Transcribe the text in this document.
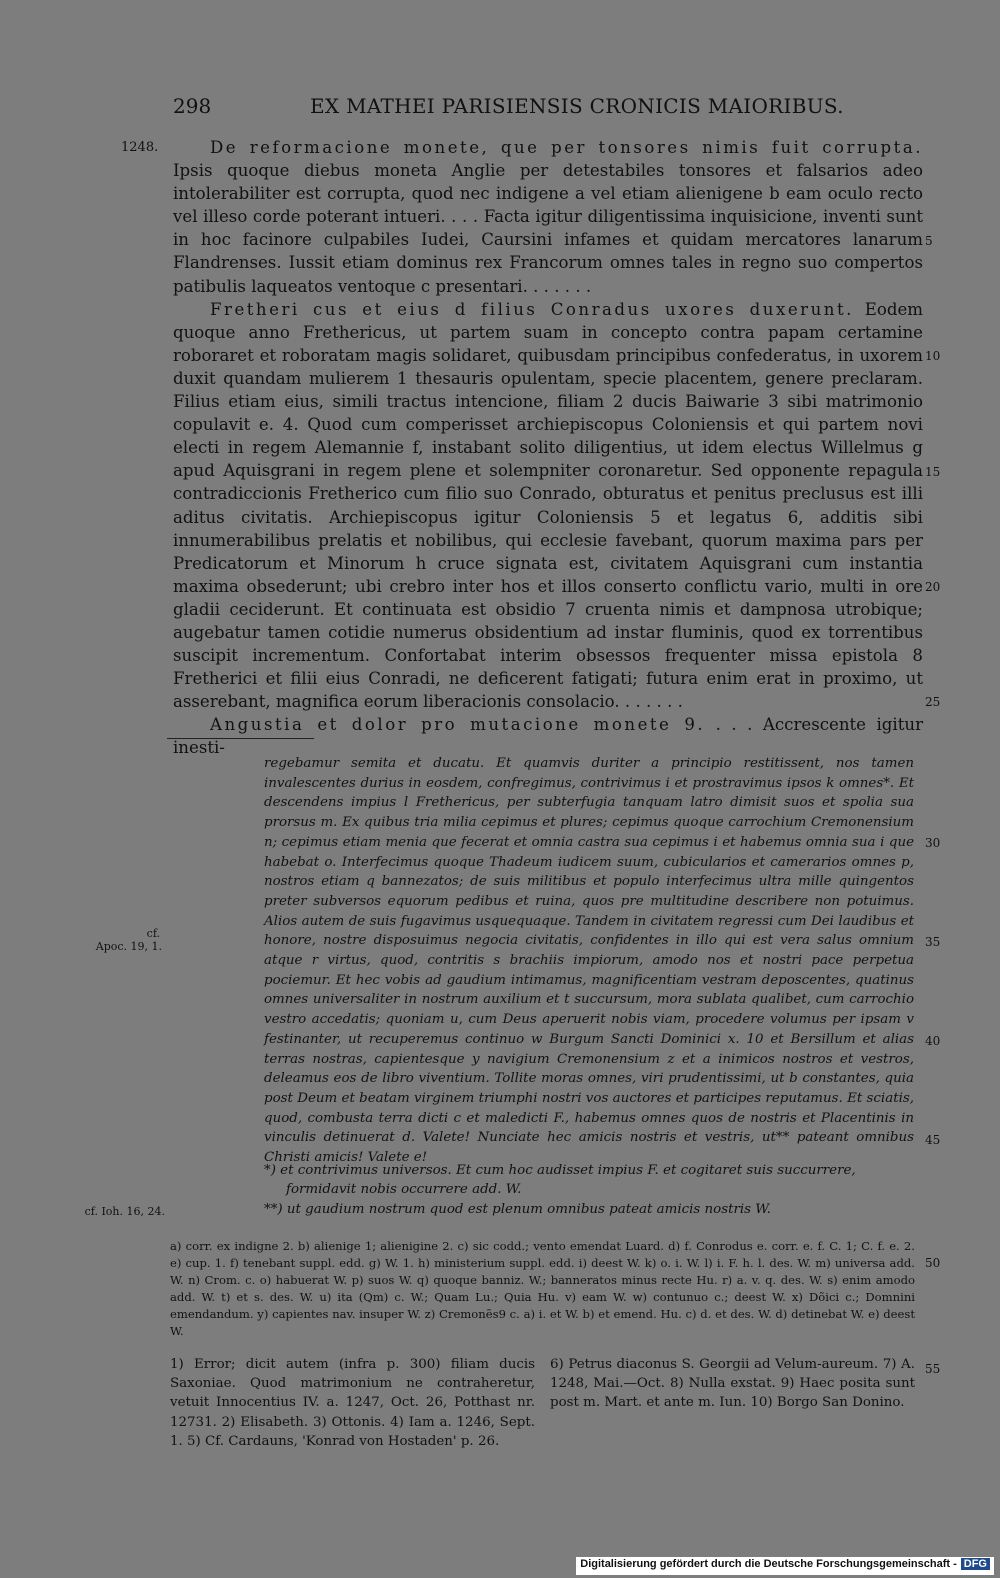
298	EX MATHEI PARISIENSIS CRONICIS MAIORIBUS.
1248.	De reformacione monete, que per tonsores nimis fuit corrupta. Ipsis quoque diebus moneta Anglie per detestabiles tonsores et falsarios adeo intolerabiliter est corrupta, quod nec indigene a vel etiam alienigene b eam oculo recto vel illeso corde poterant intueri. . . . Facta igitur diligentissima inquisicione, inventi sunt in hoc facinore culpabiles Iudei, Caursini infames et quidam mercatores lanarum Flandrenses. Iussit etiam dominus rex Francorum omnes tales in regno suo compertos patibulis laqueatos ventoque c presentari. . . . . . .

Fretheri cus et eius d filius Conradus uxores duxerunt. Eodem quoque anno Frethericus, ut partem suam in concepto contra papam certamine roboraret et roboratam magis solidaret, quibusdam principibus confederatus, in uxorem duxit quandam mulierem 1 thesauris opulentam, specie placentem, genere preclaram. Filius etiam eius, simili tractus intencione, filiam 2 ducis Baiwarie 3 sibi matrimonio copulavit e. 4. Quod cum comperisset archiepiscopus Coloniensis et qui partem novi electi in regem Alemannie f, instabant solito diligentius, ut idem electus Willelmus g apud Aquisgrani in regem plene et solempniter coronaretur. Sed opponente repagula contradiccionis Fretherico cum filio suo Conrado, obturatus et penitus preclusus est illi aditus civitatis. Archiepiscopus igitur Coloniensis 5 et legatus 6, additis sibi innumerabilibus prelatis et nobilibus, qui ecclesie favebant, quorum maxima pars per Predicatorum et Minorum h cruce signata est, civitatem Aquisgrani cum instantia maxima obsederunt; ubi crebro inter hos et illos conserto conflictu vario, multi in ore gladii ceciderunt. Et continuata est obsidio 7 cruenta nimis et dampnosa utrobique; augebatur tamen cotidie numerus obsidentium ad instar fluminis, quod ex torrentibus suscipit incrementum. Confortabat interim obsessos frequenter missa epistola 8 Fretherici et filii eius Conradi, ne deficerent fatigati; futura enim erat in proximo, ut asserebant, magnifica eorum liberacionis consolacio. . . . . . .

Angustia et dolor pro mutacione monete 9. . . . Accrescente igitur inesti-

5
10
15
20
25
30
35
40
45
50
55
regebamur semita et ducatu. Et quamvis duriter a principio restitissent, nos tamen invalescentes durius in eosdem, confregimus, contrivimus i et prostravimus ipsos k omnes*. Et descendens impius l Frethericus, per subterfugia tanquam latro dimisit suos et spolia sua prorsus m. Ex quibus tria milia cepimus et plures; cepimus quoque carrochium Cremonensium n; cepimus etiam menia que fecerat et omnia castra sua cepimus i et habemus omnia sua i que habebat o. Interfecimus quoque Thadeum iudicem suum, cubicularios et camerarios omnes p, nostros etiam q bannezatos; de suis militibus et populo interfecimus ultra mille quingentos preter subversos equorum pedibus et ruina, quos pre multitudine describere non potuimus. Alios autem de suis fugavimus usquequaque. Tandem in civitatem regressi cum Dei laudibus et honore, nostre disposuimus negocia civitatis, confidentes in illo qui est vera salus omnium atque r virtus, quod, contritis s brachiis impiorum, amodo nos et nostri pace perpetua pociemur. Et hec vobis ad gaudium intimamus, magnificentiam vestram deposcentes, quatinus omnes universaliter in nostrum auxilium et t succursum, mora sublata qualibet, cum carrochio vestro accedatis; quoniam u, cum Deus aperuerit nobis viam, procedere volumus per ipsam v festinanter, ut recuperemus continuo w Burgum Sancti Dominici x. 10 et Bersillum et alias terras nostras, capientesque y navigium Cremonensium z et a inimicos nostros et vestros, deleamus eos de libro viventium. Tollite moras omnes, viri prudentissimi, ut b constantes, quia post Deum et beatam virginem triumphi nostri vos auctores et participes reputamus. Et sciatis, quod, combusta terra dicti c et maledicti F., habemus omnes quos de nostris et Placentinis in vinculis detinuerat d. Valete! Nunciate hec amicis nostris et vestris, ut** pateant omnibus Christi amicis! Valete e!
cf.
Apoc. 19, 1.
cf. Ioh. 16, 24.

*) et contrivimus universos. Et cum hoc audisset impius F. et cogitaret suis succurrere, formidavit nobis occurrere add. W.

**) ut gaudium nostrum quod est plenum omnibus pateat amicis nostris W.

a) corr. ex indigne 2. b) alienige 1; alienigine 2. c) sic codd.; vento emendat Luard. d) f. Conrodus e. corr. e. f. C. 1; C. f. e. 2. e) cup. 1. f) tenebant suppl. edd. g) W. 1. h) ministerium suppl. edd. i) deest W. k) o. i. W. l) i. F. h. l. des. W. m) universa add. W. n) Crom. c. o) habuerat W. p) suos W. q) quoque banniz. W.; banneratos minus recte Hu. r) a. v. q. des. W. s) enim amodo add. W. t) et s. des. W. u) ita (Qm) c. W.; Quam Lu.; Quia Hu. v) eam W. w) contunuo c.; deest W. x) Dõici c.; Domnini emendandum. y) capientes nav. insuper W. z) Cremonẽs9 c. a) i. et W. b) et emend. Hu. c) d. et des. W. d) detinebat W. e) deest W.
1) Error; dicit autem (infra p. 300) filiam ducis Saxoniae. Quod matrimonium ne contraheretur, vetuit Innocentius IV. a. 1247, Oct. 26, Potthast nr. 12731. 2) Elisabeth. 3) Ottonis. 4) Iam a. 1246, Sept. 1. 5) Cf. Cardauns, 'Konrad von Hostaden' p. 26.
6) Petrus diaconus S. Georgii ad Velum-aureum. 7) A. 1248, Mai.—Oct. 8) Nulla exstat. 9) Haec posita sunt post m. Mart. et ante m. Iun. 10) Borgo San Donino.
Digitalisierung gefördert durch die Deutsche Forschungsgemeinschaft - DFG
